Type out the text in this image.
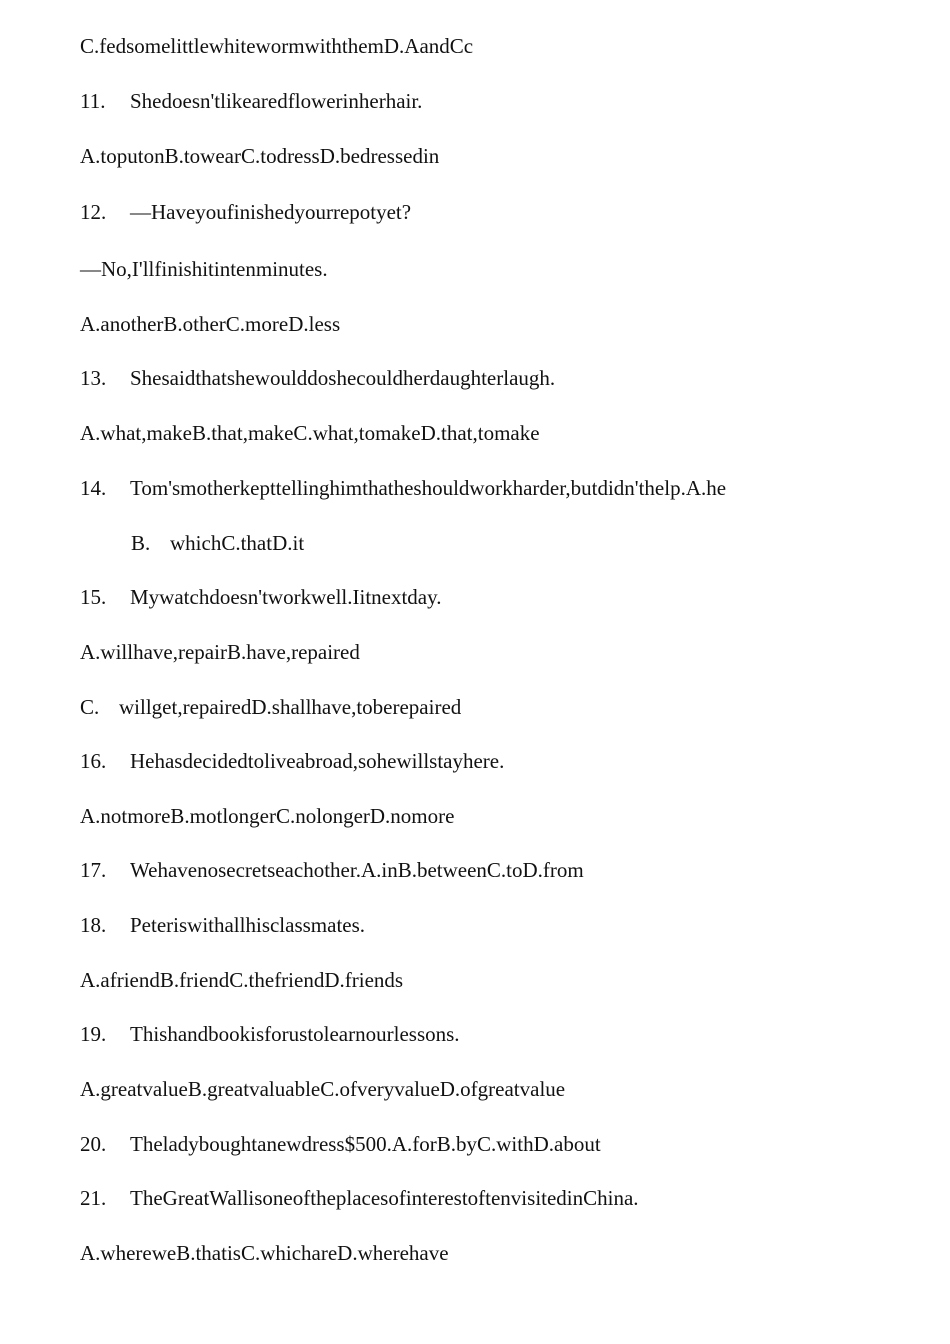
C.fedsomelittlewhitewormwiththemD.AandCc
11. Shedoesn'tlikearedflowerinherhair.
A.toputonB.towearC.todressD.bedressedin
12. —Haveyoufinishedyourrepotyet?
—No,I'llfinishitintenminutes.
A.anotherB.otherC.moreD.less
13. Shesaidthatshewoulddoshecouldherdaughterlaugh.
A.what,makeB.that,makeC.what,tomakeD.that,tomake
14. Tom'smotherkepttellinghimthatheshouldworkharder,butdidn'thelp.A.he
B. whichC.thatD.it
15. Mywatchdoesn'tworkwell.Iitnextday.
A.willhave,repairB.have,repaired
C. willget,repairedD.shallhave,toberepaired
16. Hehasdecidedtoliveabroad,sohewillstayhere.
A.notmoreB.motlongerC.nolongerD.nomore
17. Wehavenosecretseachother.A.inB.betweenC.toD.from
18. Peteriswithallhisclassmates.
A.afriendB.friendC.thefriendD.friends
19. Thishandbookisforustolearnourlessons.
A.greatvalueB.greatvaluableC.ofveryvalueD.ofgreatvalue
20. Theladyboughtanewdress$500.A.forB.byC.withD.about
21. TheGreatWallisoneoftheplacesofinterestoftenvisitedinChina.
A.wherewеB.thatisC.whichareD.wherehave
